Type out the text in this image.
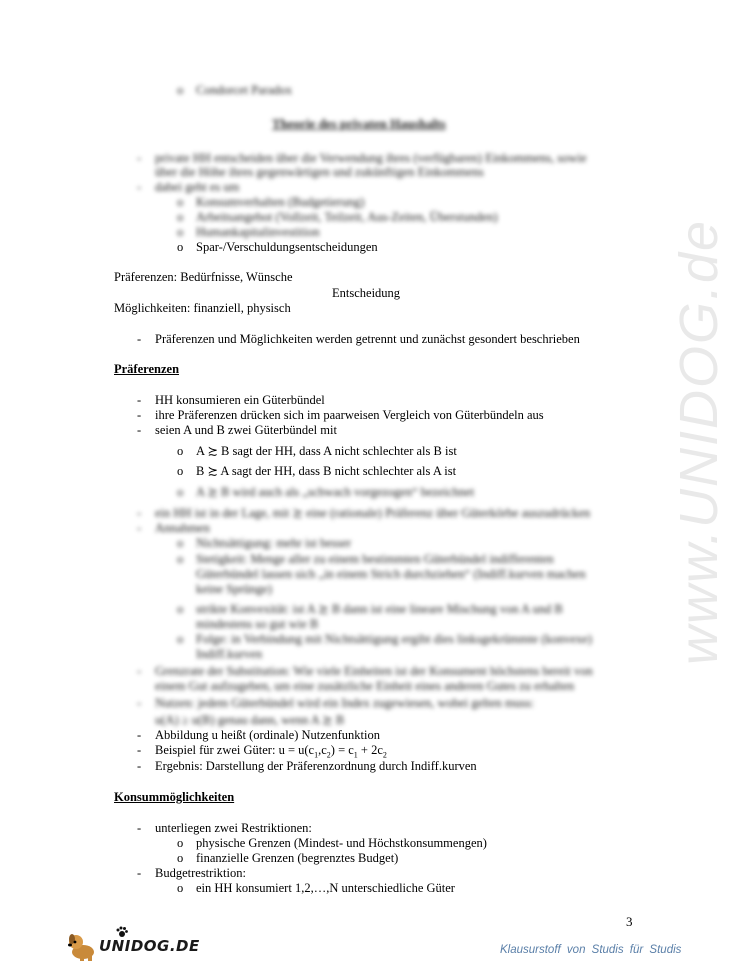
www.UNIDOG.de
o Condorcet Paradox
Theorie des privaten Haushalts
- private HH entscheiden über die Verwendung ihres (verfügbaren) Einkommens, sowie
über die Höhe ihres gegenwärtigen und zukünftigen Einkommens
- dabei geht es um
o Konsumverhalten (Budgetierung)
o Arbeitsangebot (Vollzeit, Teilzeit, Aus-Zeiten, Überstunden)
o Humankapitalinvestition
o Spar-/Verschuldungsentscheidungen
Präferenzen: Bedürfnisse, Wünsche
Entscheidung
Möglichkeiten: finanziell, physisch
- Präferenzen und Möglichkeiten werden getrennt und zunächst gesondert beschrieben
Präferenzen
- HH konsumieren ein Güterbündel
- ihre Präferenzen drücken sich im paarweisen Vergleich von Güterbündeln aus
- seien A und B zwei Güterbündel mit
o A ≿ B sagt der HH, dass A nicht schlechter als B ist
o B ≿ A sagt der HH, dass B nicht schlechter als A ist
o A ≿ B wird auch als „schwach vorgezogen“ bezeichnet
- ein HH ist in der Lage, mit ≿ eine (rationale) Präferenz über Güterkörbe auszudrücken
- Annahmen
o Nichtsättigung: mehr ist besser
o Stetigkeit: Menge aller zu einem bestimmten Güterbündel indifferenten
Güterbündel lassen sich „in einem Strich durchziehen“ (Indiff.kurven machen
keine Sprünge)
o strikte Konvexität: ist A ≿ B dann ist eine lineare Mischung von A und B
mindestens so gut wie B
o Folge: in Verbindung mit Nichtsättigung ergibt dies linksgekrümmte (konvexe)
Indiff.kurven
- Grenzrate der Substitution: Wie viele Einheiten ist der Konsument höchstens bereit von
einem Gut aufzugeben, um eine zusätzliche Einheit eines anderen Gutes zu erhalten
- Nutzen: jedem Güterbündel wird ein Index zugewiesen, wobei gelten muss:
u(A) ≥ u(B) genau dann, wenn A ≿ B
- Abbildung u heißt (ordinale) Nutzenfunktion
- Beispiel für zwei Güter: $u = u(c_1,c_2) = c_1 + 2c_2$
- Ergebnis: Darstellung der Präferenzordnung durch Indiff.kurven
Konsummöglichkeiten
- unterliegen zwei Restriktionen:
o physische Grenzen (Mindest- und Höchstkonsummengen)
o finanzielle Grenzen (begrenztes Budget)
- Budgetrestriktion:
o ein HH konsumiert 1,2,…,N unterschiedliche Güter
3
UNIDOG.DE	Klausurstoff von Studis für Studis
